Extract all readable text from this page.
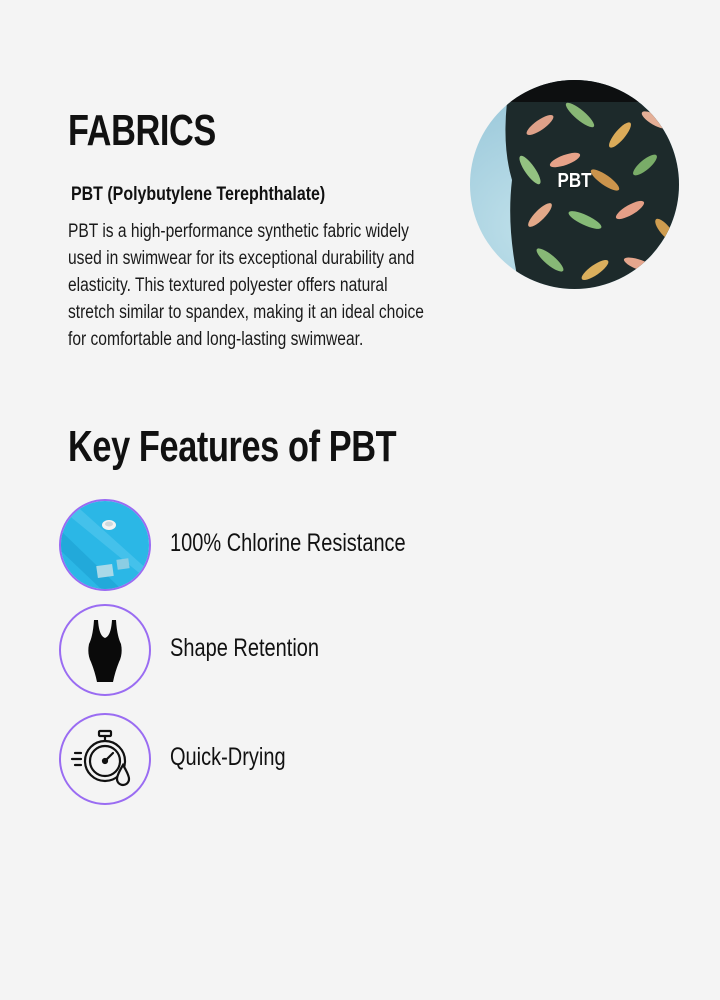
FABRICS
PBT (Polybutylene Terephthalate)

PBT is a high-performance synthetic fabric widely used in swimwear for its exceptional durability and elasticity. This textured polyester offers natural stretch similar to spandex, making it an ideal choice for comfortable and long-lasting swimwear.

PBT
Key Features of PBT
100% Chlorine Resistance
Shape Retention
Quick-Drying
